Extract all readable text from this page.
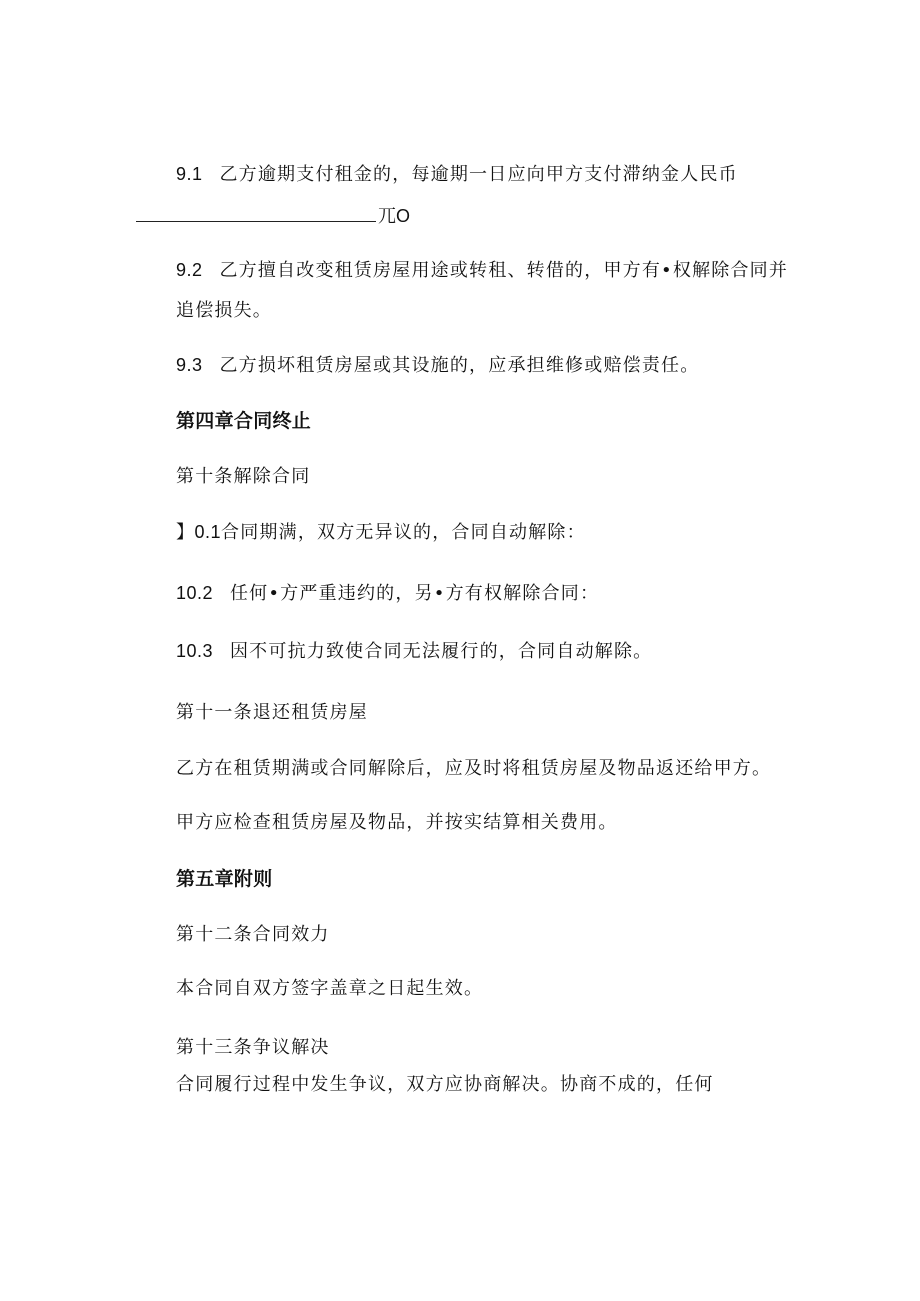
9.1 乙方逾期支付租金的，每逾期一日应向甲方支付滞纳金人民币
兀O
9.2 乙方擅自改变租赁房屋用途或转租、转借的，甲方有•权解除合同并
追偿损失。
9.3 乙方损坏租赁房屋或其设施的，应承担维修或赔偿责任。
第四章合同终止
第十条解除合同
】0.1合同期满，双方无异议的，合同自动解除：
10.2 任何•方严重违约的，另•方有权解除合同：
10.3 因不可抗力致使合同无法履行的，合同自动解除。
第十一条退还租赁房屋
乙方在租赁期满或合同解除后，应及时将租赁房屋及物品返还给甲方。
甲方应检查租赁房屋及物品，并按实结算相关费用。
第五章附则
第十二条合同效力
本合同自双方签字盖章之日起生效。
第十三条争议解决
合同履行过程中发生争议，双方应协商解决。协商不成的，任何
